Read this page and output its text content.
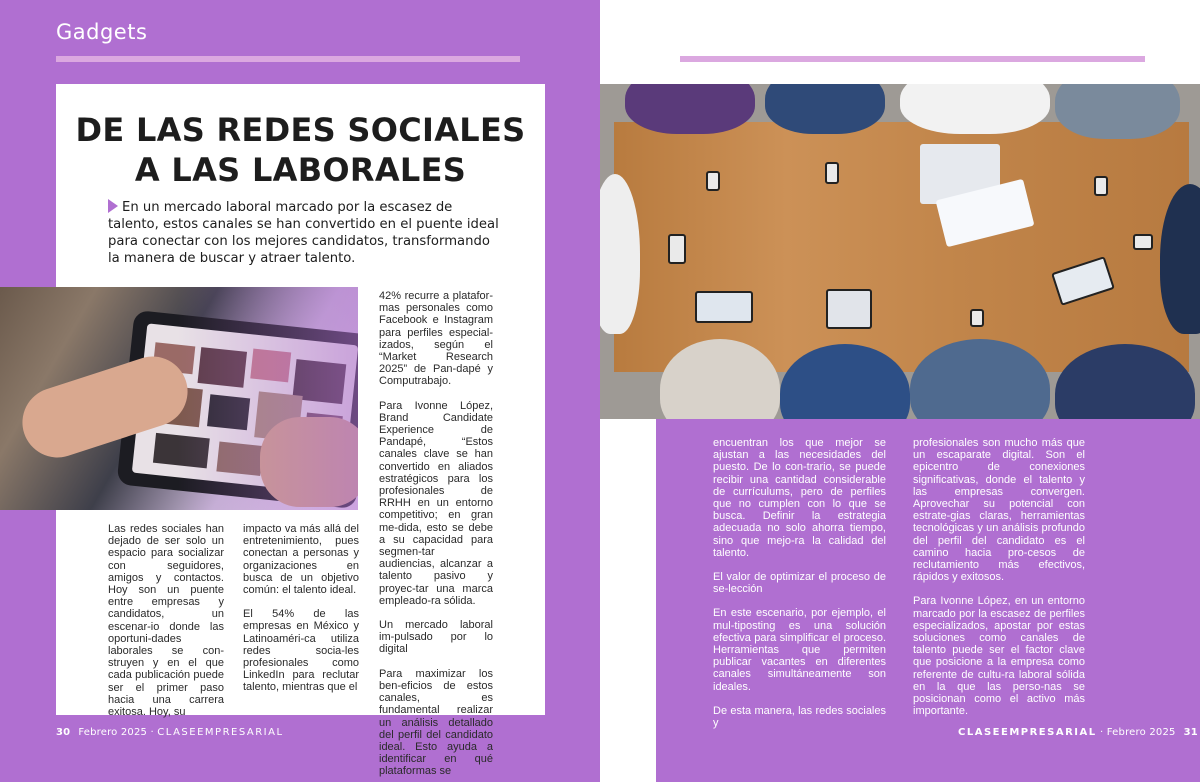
Gadgets
DE LAS REDES SOCIALES
A LAS LABORALES
En un mercado laboral marcado por la escasez de talento, estos canales se han convertido en el puente ideal para conectar con los mejores candidatos, transformando la manera de buscar y atraer talento.

Las redes sociales han dejado de ser solo un espacio para socializar con seguidores, amigos y contactos. Hoy son un puente entre empresas y candidatos, un escenar-io donde las oportuni-dades laborales se con-struyen y en el que cada publicación puede ser el primer paso hacia una carrera exitosa. Hoy, su

impacto va más allá del entretenimiento, pues conectan a personas y organizaciones en busca de un objetivo común: el talento ideal.

El 54% de las empresas en México y Latinoaméri-ca utiliza redes socia-les profesionales como LinkedIn para reclutar talento, mientras que el

42% recurre a platafor-mas personales como Facebook e Instagram para perfiles especial-izados, según el “Market Research 2025” de Pan-dapé y Computrabajo.

Para Ivonne López, Brand Candidate Experience de Pandapé, “Estos canales clave se han convertido en aliados estratégicos para los profesionales de RRHH en un entorno competitivo; en gran me-dida, esto se debe a su capacidad para segmen-tar audiencias, alcanzar a talento pasivo y proyec-tar una marca empleado-ra sólida.

Un mercado laboral im-pulsado por lo digital

Para maximizar los ben-eficios de estos canales, es fundamental realizar un análisis detallado del perfil del candidato ideal. Esto ayuda a identificar en qué plataformas se

30 Febrero 2025 · CLASEEMPRESARIAL

encuentran los que mejor se ajustan a las necesidades del puesto. De lo con-trario, se puede recibir una cantidad considerable de currículums, pero de perfiles que no cumplen con lo que se busca. Definir la estrategia adecuada no solo ahorra tiempo, sino que mejo-ra la calidad del talento.

El valor de optimizar el proceso de se-lección

En este escenario, por ejemplo, el mul-tiposting es una solución efectiva para simplificar el proceso. Herramientas que permiten publicar vacantes en diferentes canales simultáneamente son ideales.

De esta manera, las redes sociales y

profesionales son mucho más que un escaparate digital. Son el epicentro de conexiones significativas, donde el talento y las empresas convergen. Aprovechar su potencial con estrate-gias claras, herramientas tecnológicas y un análisis profundo del perfil del candidato es el camino hacia pro-cesos de reclutamiento más efectivos, rápidos y exitosos.

Para Ivonne López, en un entorno marcado por la escasez de perfiles especializados, apostar por estas soluciones como canales de talento puede ser el factor clave que posicione a la empresa como referente de cultu-ra laboral sólida en la que las perso-nas se posicionan como el activo más importante.

CLASEEMPRESARIAL · Febrero 2025 31
